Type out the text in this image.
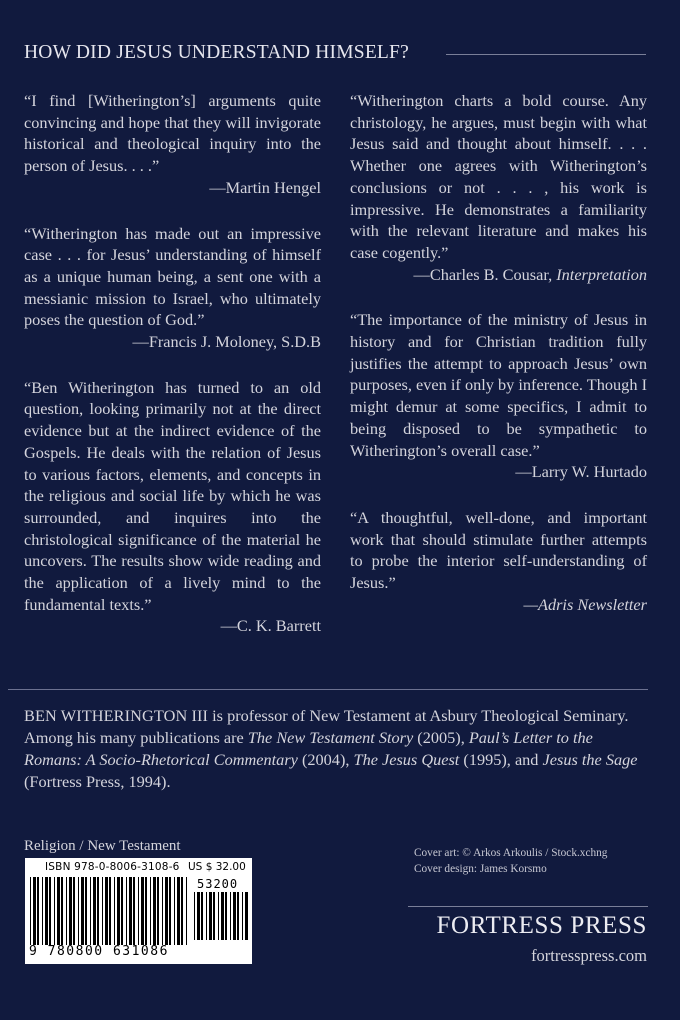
HOW DID JESUS UNDERSTAND HIMSELF?

“I find [Witherington’s] arguments quite convincing and hope that they will invigorate historical and theological inquiry into the person of Jesus. . . .”

—Martin Hengel

“Witherington has made out an impressive case . . . for Jesus’ understanding of himself as a unique human being, a sent one with a messianic mission to Israel, who ultimately poses the question of God.”

—Francis J. Moloney, S.D.B

“Ben Witherington has turned to an old question, looking primarily not at the direct evidence but at the indirect evidence of the Gospels. He deals with the relation of Jesus to various factors, elements, and concepts in the religious and social life by which he was surrounded, and inquires into the christological significance of the material he uncovers. The results show wide reading and the application of a lively mind to the fundamental texts.”

—C. K. Barrett

“Witherington charts a bold course. Any christology, he argues, must begin with what Jesus said and thought about himself. . . . Whether one agrees with Witherington’s conclusions or not . . . , his work is impressive. He demonstrates a familiarity with the relevant literature and makes his case cogently.”

—Charles B. Cousar, Interpretation

“The importance of the ministry of Jesus in history and for Christian tradition fully justifies the attempt to approach Jesus’ own purposes, even if only by inference. Though I might demur at some specifics, I admit to being disposed to be sympathetic to Witherington’s overall case.”

—Larry W. Hurtado

“A thoughtful, well-done, and important work that should stimulate further attempts to probe the interior self-understanding of Jesus.”

—Adris Newsletter

BEN WITHERINGTON III is professor of New Testament at Asbury Theological Seminary. Among his many publications are The New Testament Story (2005), Paul’s Letter to the Romans: A Socio-Rhetorical Commentary (2004), The Jesus Quest (1995), and Jesus the Sage (Fortress Press, 1994).
Religion / New Testament
ISBN 978-0-8006-3108-6 US $ 32.00
53200
9 780800 631086
Cover art: © Arkos Arkoulis / Stock.xchng
Cover design: James Korsmo
FORTRESS PRESS
fortresspress.com
